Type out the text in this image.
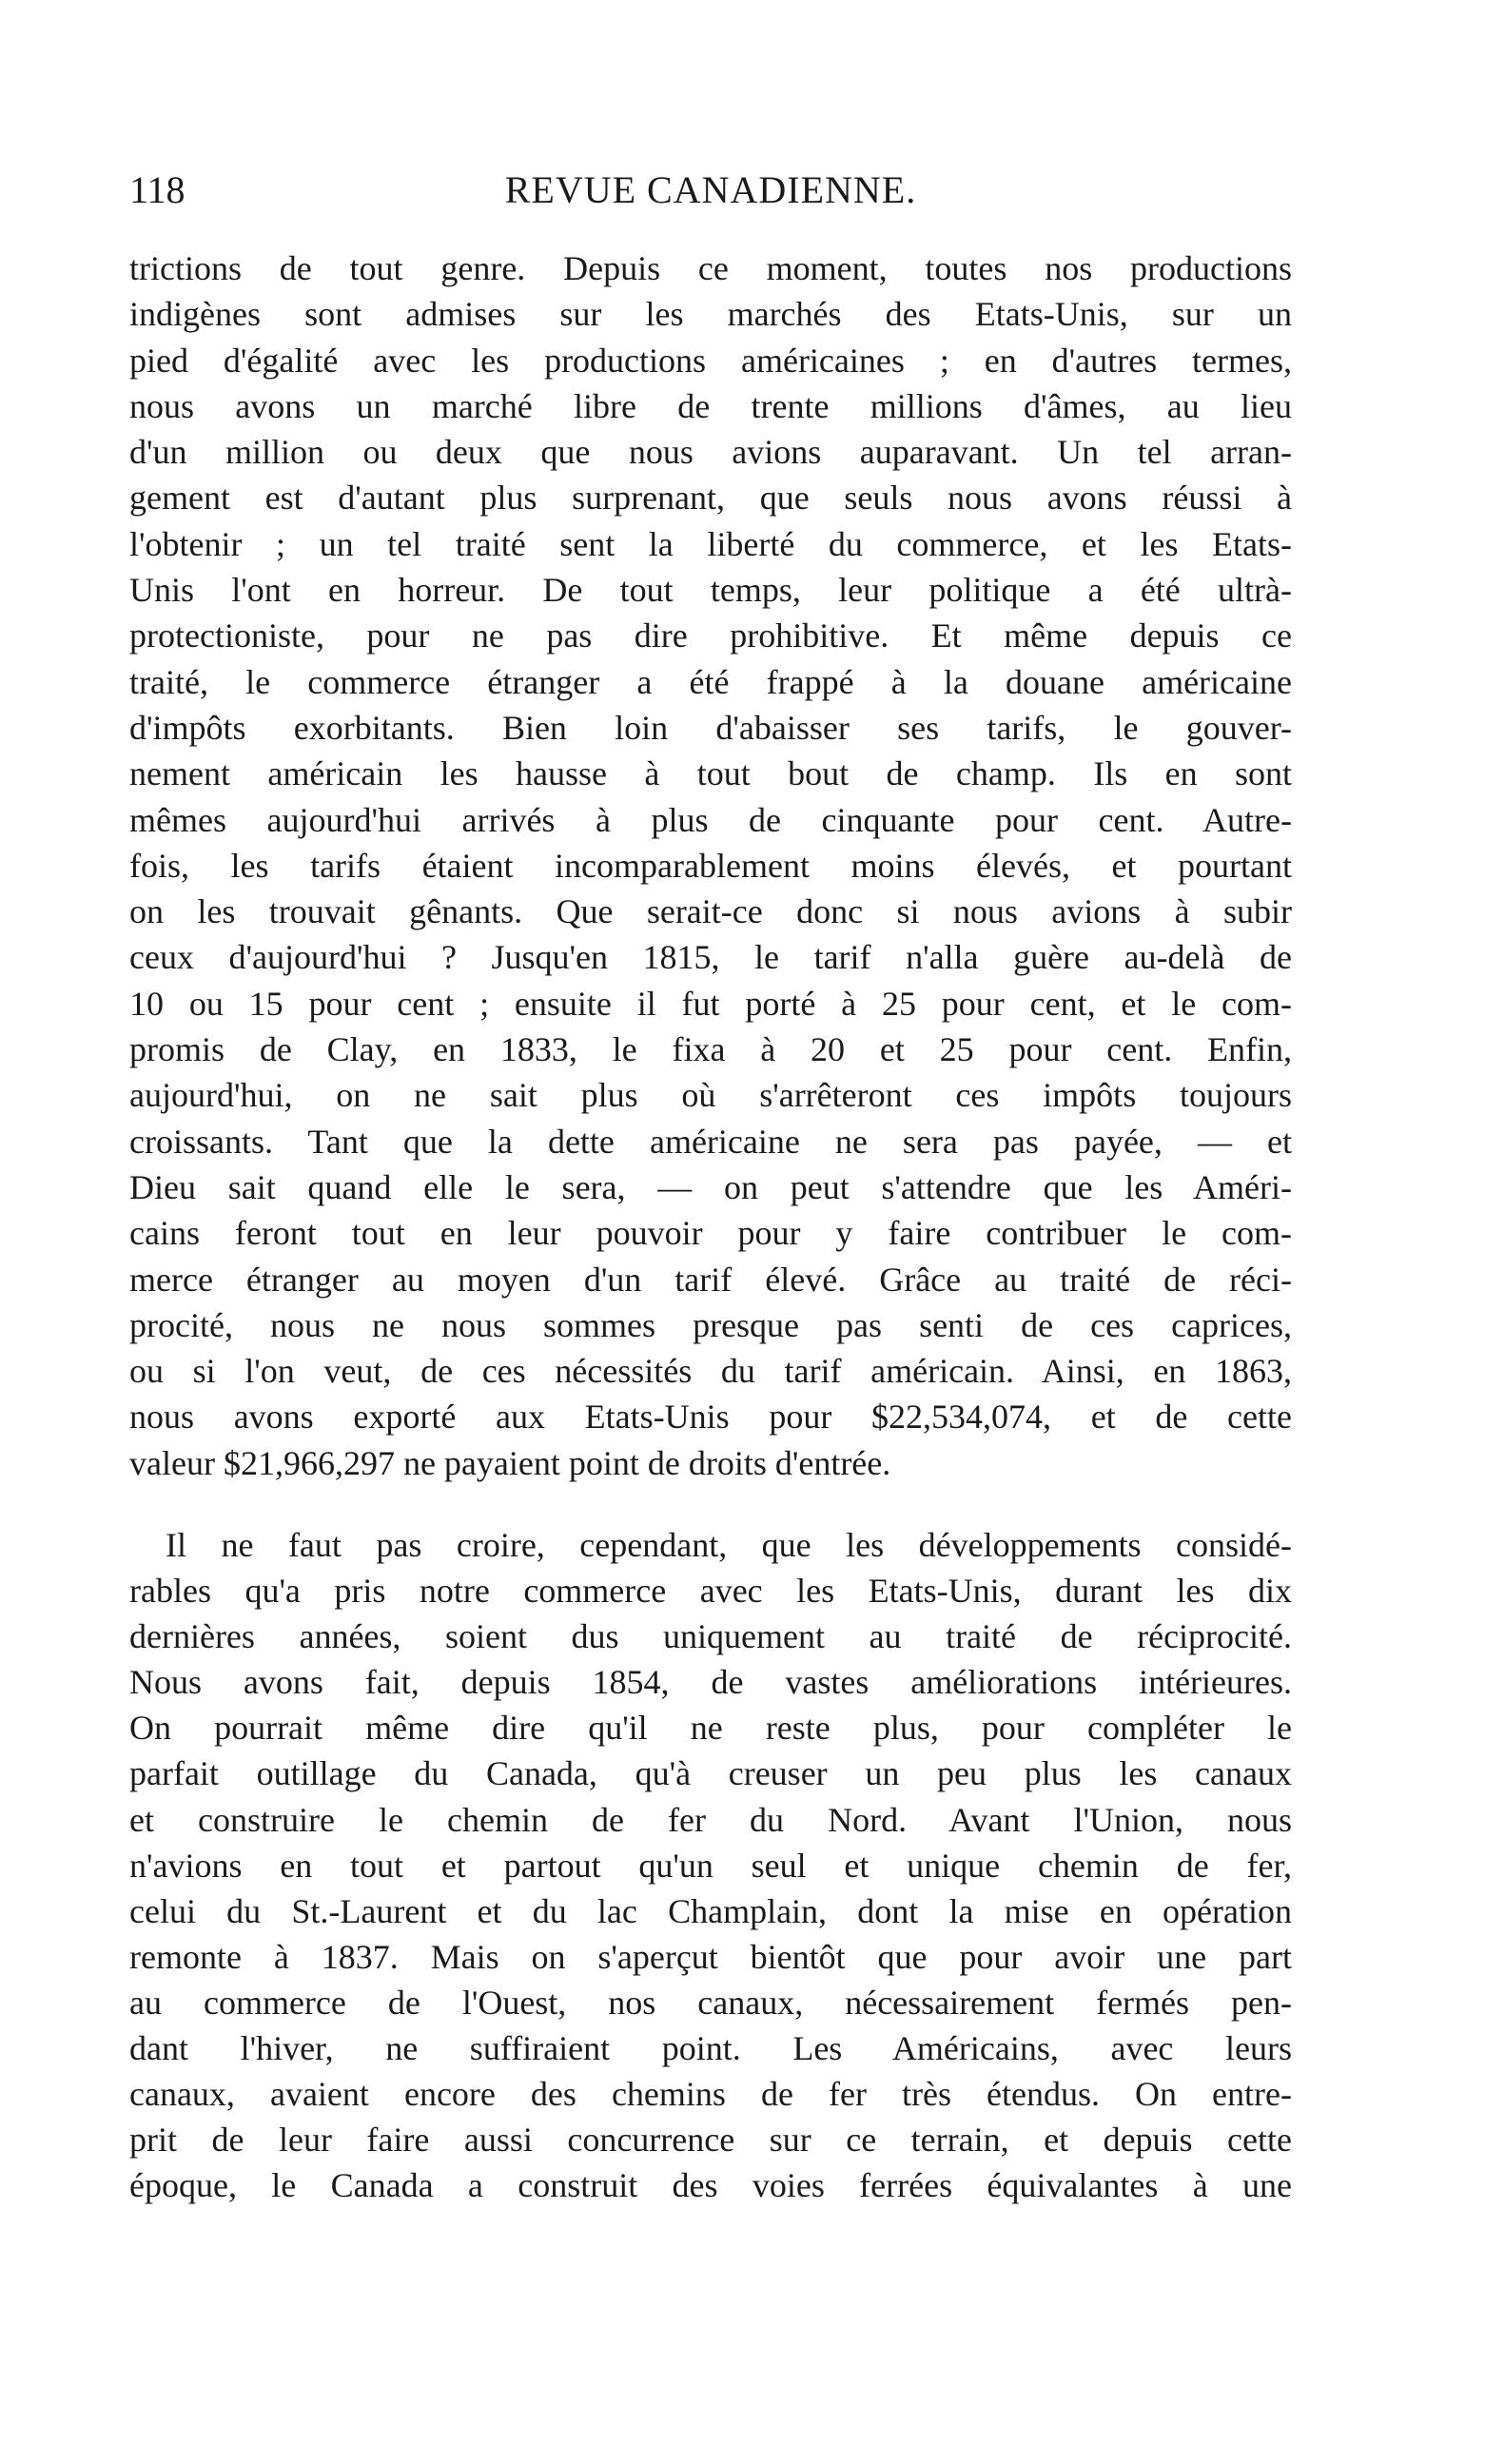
118	REVUE CANADIENNE.
trictions de tout genre. Depuis ce moment, toutes nos productions
indigènes sont admises sur les marchés des Etats-Unis, sur un
pied d'égalité avec les productions américaines ; en d'autres termes,
nous avons un marché libre de trente millions d'âmes, au lieu
d'un million ou deux que nous avions auparavant. Un tel arran-
gement est d'autant plus surprenant, que seuls nous avons réussi à
l'obtenir ; un tel traité sent la liberté du commerce, et les Etats-
Unis l'ont en horreur. De tout temps, leur politique a été ultrà-
protectioniste, pour ne pas dire prohibitive. Et même depuis ce
traité, le commerce étranger a été frappé à la douane américaine
d'impôts exorbitants. Bien loin d'abaisser ses tarifs, le gouver-
nement américain les hausse à tout bout de champ. Ils en sont
mêmes aujourd'hui arrivés à plus de cinquante pour cent. Autre-
fois, les tarifs étaient incomparablement moins élevés, et pourtant
on les trouvait gênants. Que serait-ce donc si nous avions à subir
ceux d'aujourd'hui ? Jusqu'en 1815, le tarif n'alla guère au-delà de
10 ou 15 pour cent ; ensuite il fut porté à 25 pour cent, et le com-
promis de Clay, en 1833, le fixa à 20 et 25 pour cent. Enfin,
aujourd'hui, on ne sait plus où s'arrêteront ces impôts toujours
croissants. Tant que la dette américaine ne sera pas payée, — et
Dieu sait quand elle le sera, — on peut s'attendre que les Améri-
cains feront tout en leur pouvoir pour y faire contribuer le com-
merce étranger au moyen d'un tarif élevé. Grâce au traité de réci-
procité, nous ne nous sommes presque pas senti de ces caprices,
ou si l'on veut, de ces nécessités du tarif américain. Ainsi, en 1863,
nous avons exporté aux Etats-Unis pour $22,534,074, et de cette
valeur $21,966,297 ne payaient point de droits d'entrée.
Il ne faut pas croire, cependant, que les développements considé-
rables qu'a pris notre commerce avec les Etats-Unis, durant les dix
dernières années, soient dus uniquement au traité de réciprocité.
Nous avons fait, depuis 1854, de vastes améliorations intérieures.
On pourrait même dire qu'il ne reste plus, pour compléter le
parfait outillage du Canada, qu'à creuser un peu plus les canaux
et construire le chemin de fer du Nord. Avant l'Union, nous
n'avions en tout et partout qu'un seul et unique chemin de fer,
celui du St.-Laurent et du lac Champlain, dont la mise en opération
remonte à 1837. Mais on s'aperçut bientôt que pour avoir une part
au commerce de l'Ouest, nos canaux, nécessairement fermés pen-
dant l'hiver, ne suffiraient point. Les Américains, avec leurs
canaux, avaient encore des chemins de fer très étendus. On entre-
prit de leur faire aussi concurrence sur ce terrain, et depuis cette
époque, le Canada a construit des voies ferrées équivalantes à une
